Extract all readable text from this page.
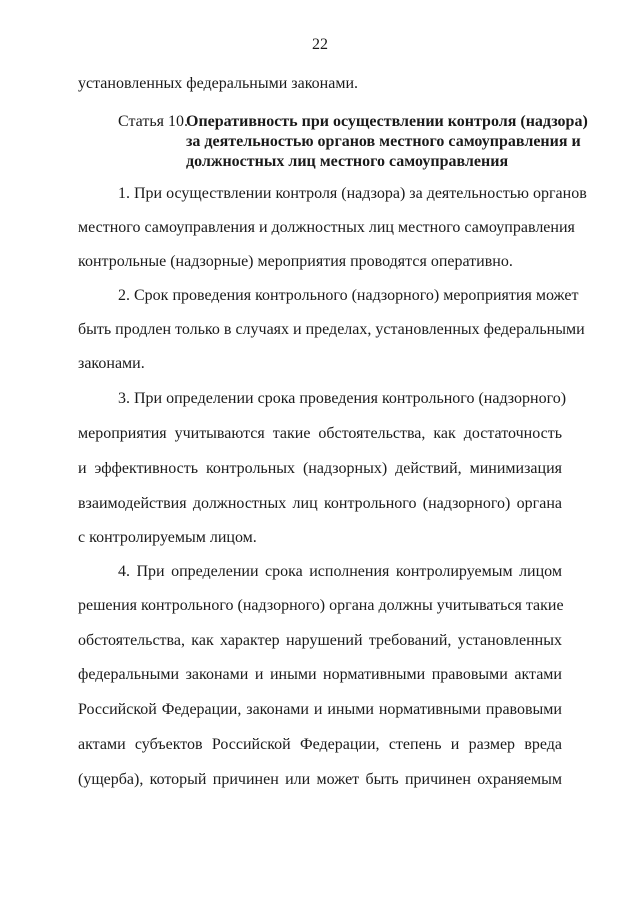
22
установленных федеральными законами.
Статья 10.
Оперативность при осуществлении контроля (надзора)
за деятельностью органов местного самоуправления и
должностных лиц местного самоуправления
1. При осуществлении контроля (надзора) за деятельностью органов
местного самоуправления и должностных лиц местного самоуправления
контрольные (надзорные) мероприятия проводятся оперативно.
2. Срок проведения контрольного (надзорного) мероприятия может
быть продлен только в случаях и пределах, установленных федеральными
законами.
3. При определении срока проведения контрольного (надзорного)
мероприятия учитываются такие обстоятельства, как достаточность
и эффективность контрольных (надзорных) действий, минимизация
взаимодействия должностных лиц контрольного (надзорного) органа
с контролируемым лицом.
4. При определении срока исполнения контролируемым лицом
решения контрольного (надзорного) органа должны учитываться такие
обстоятельства, как характер нарушений требований, установленных
федеральными законами и иными нормативными правовыми актами
Российской Федерации, законами и иными нормативными правовыми
актами субъектов Российской Федерации, степень и размер вреда
(ущерба), который причинен или может быть причинен охраняемым
